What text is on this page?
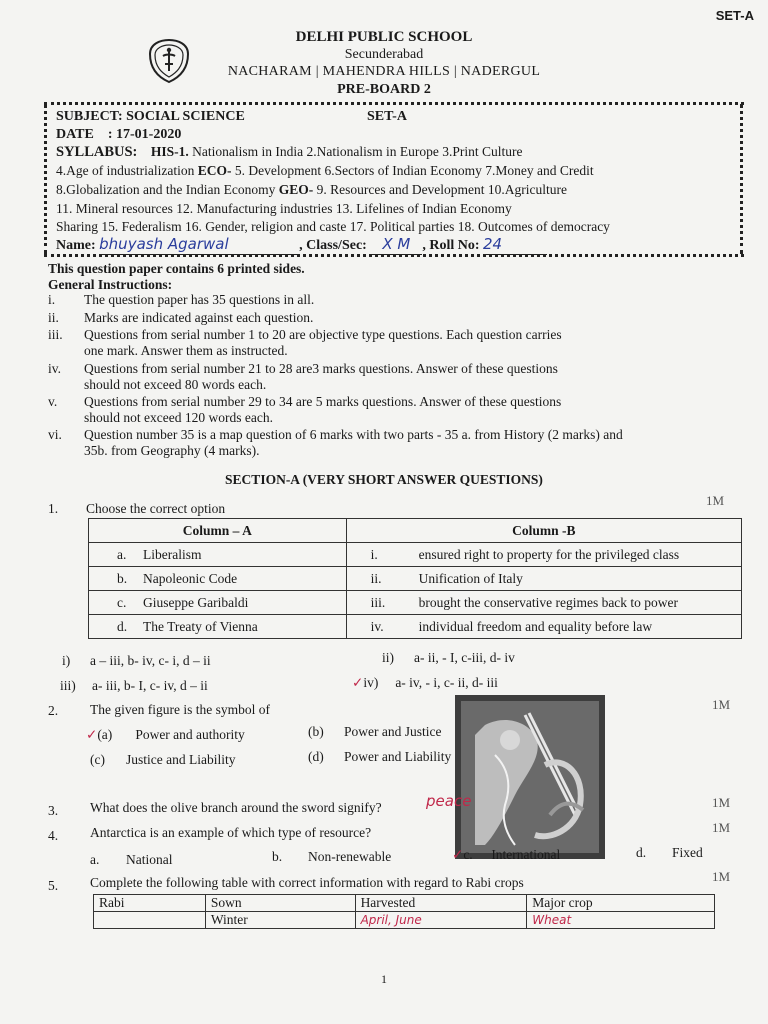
SET-A
DELHI PUBLIC SCHOOL
Secunderabad
NACHARAM | MAHENDRA HILLS | NADERGUL
PRE-BOARD 2
SUBJECT: SOCIAL SCIENCE	SET-A
DATE : 17-01-2020
SYLLABUS: HIS-1. Nationalism in India 2.Nationalism in Europe 3.Print Culture
4.Age of industrialization ECO- 5. Development 6.Sectors of Indian Economy 7.Money and Credit
8.Globalization and the Indian Economy GEO- 9. Resources and Development 10.Agriculture
11. Mineral resources 12. Manufacturing industries 13. Lifelines of Indian Economy
Sharing 15. Federalism 16. Gender, religion and caste 17. Political parties 18. Outcomes of democracy
Name: bhuyash Agarwal	, Class/Sec: X M , Roll No: 24
This question paper contains 6 printed sides.
General Instructions:
i. The question paper has 35 questions in all.
ii. Marks are indicated against each question.
iii. Questions from serial number 1 to 20 are objective type questions. Each question carries
one mark. Answer them as instructed.
iv. Questions from serial number 21 to 28 are3 marks questions. Answer of these questions
should not exceed 80 words each.
v. Questions from serial number 29 to 34 are 5 marks questions. Answer of these questions
should not exceed 120 words each.
vi. Question number 35 is a map question of 6 marks with two parts - 35 a. from History (2 marks) and
35b. from Geography (4 marks).
SECTION-A (VERY SHORT ANSWER QUESTIONS)
1. Choose the correct option
1M
Column – A	Column -B
a. Liberalism	i. ensured right to property for the privileged class
b. Napoleonic Code	ii. Unification of Italy
c. Giuseppe Garibaldi	iii. brought the conservative regimes back to power
d. The Treaty of Vienna	iv. individual freedom and equality before law
i) a – iii, b- iv, c- i, d – ii	ii) a- ii, - I, c-iii, d- iv
iii) a- iii, b- I, c- iv, d – ii	✓iv) a- iv, - i, c- ii, d- iii
2. The given figure is the symbol of	1M
✓(a) Power and authority	(b) Power and Justice
(c) Justice and Liability	(d) Power and Liability
3. What does the olive branch around the sword signify?	peace	1M
4. Antarctica is an example of which type of resource?	1M
a. National	b. Non-renewable	✓c. International	d. Fixed
5. Complete the following table with correct information with regard to Rabi crops	1M
Rabi	Sown	Harvested	Major crop
	Winter	April, June	Wheat
1
